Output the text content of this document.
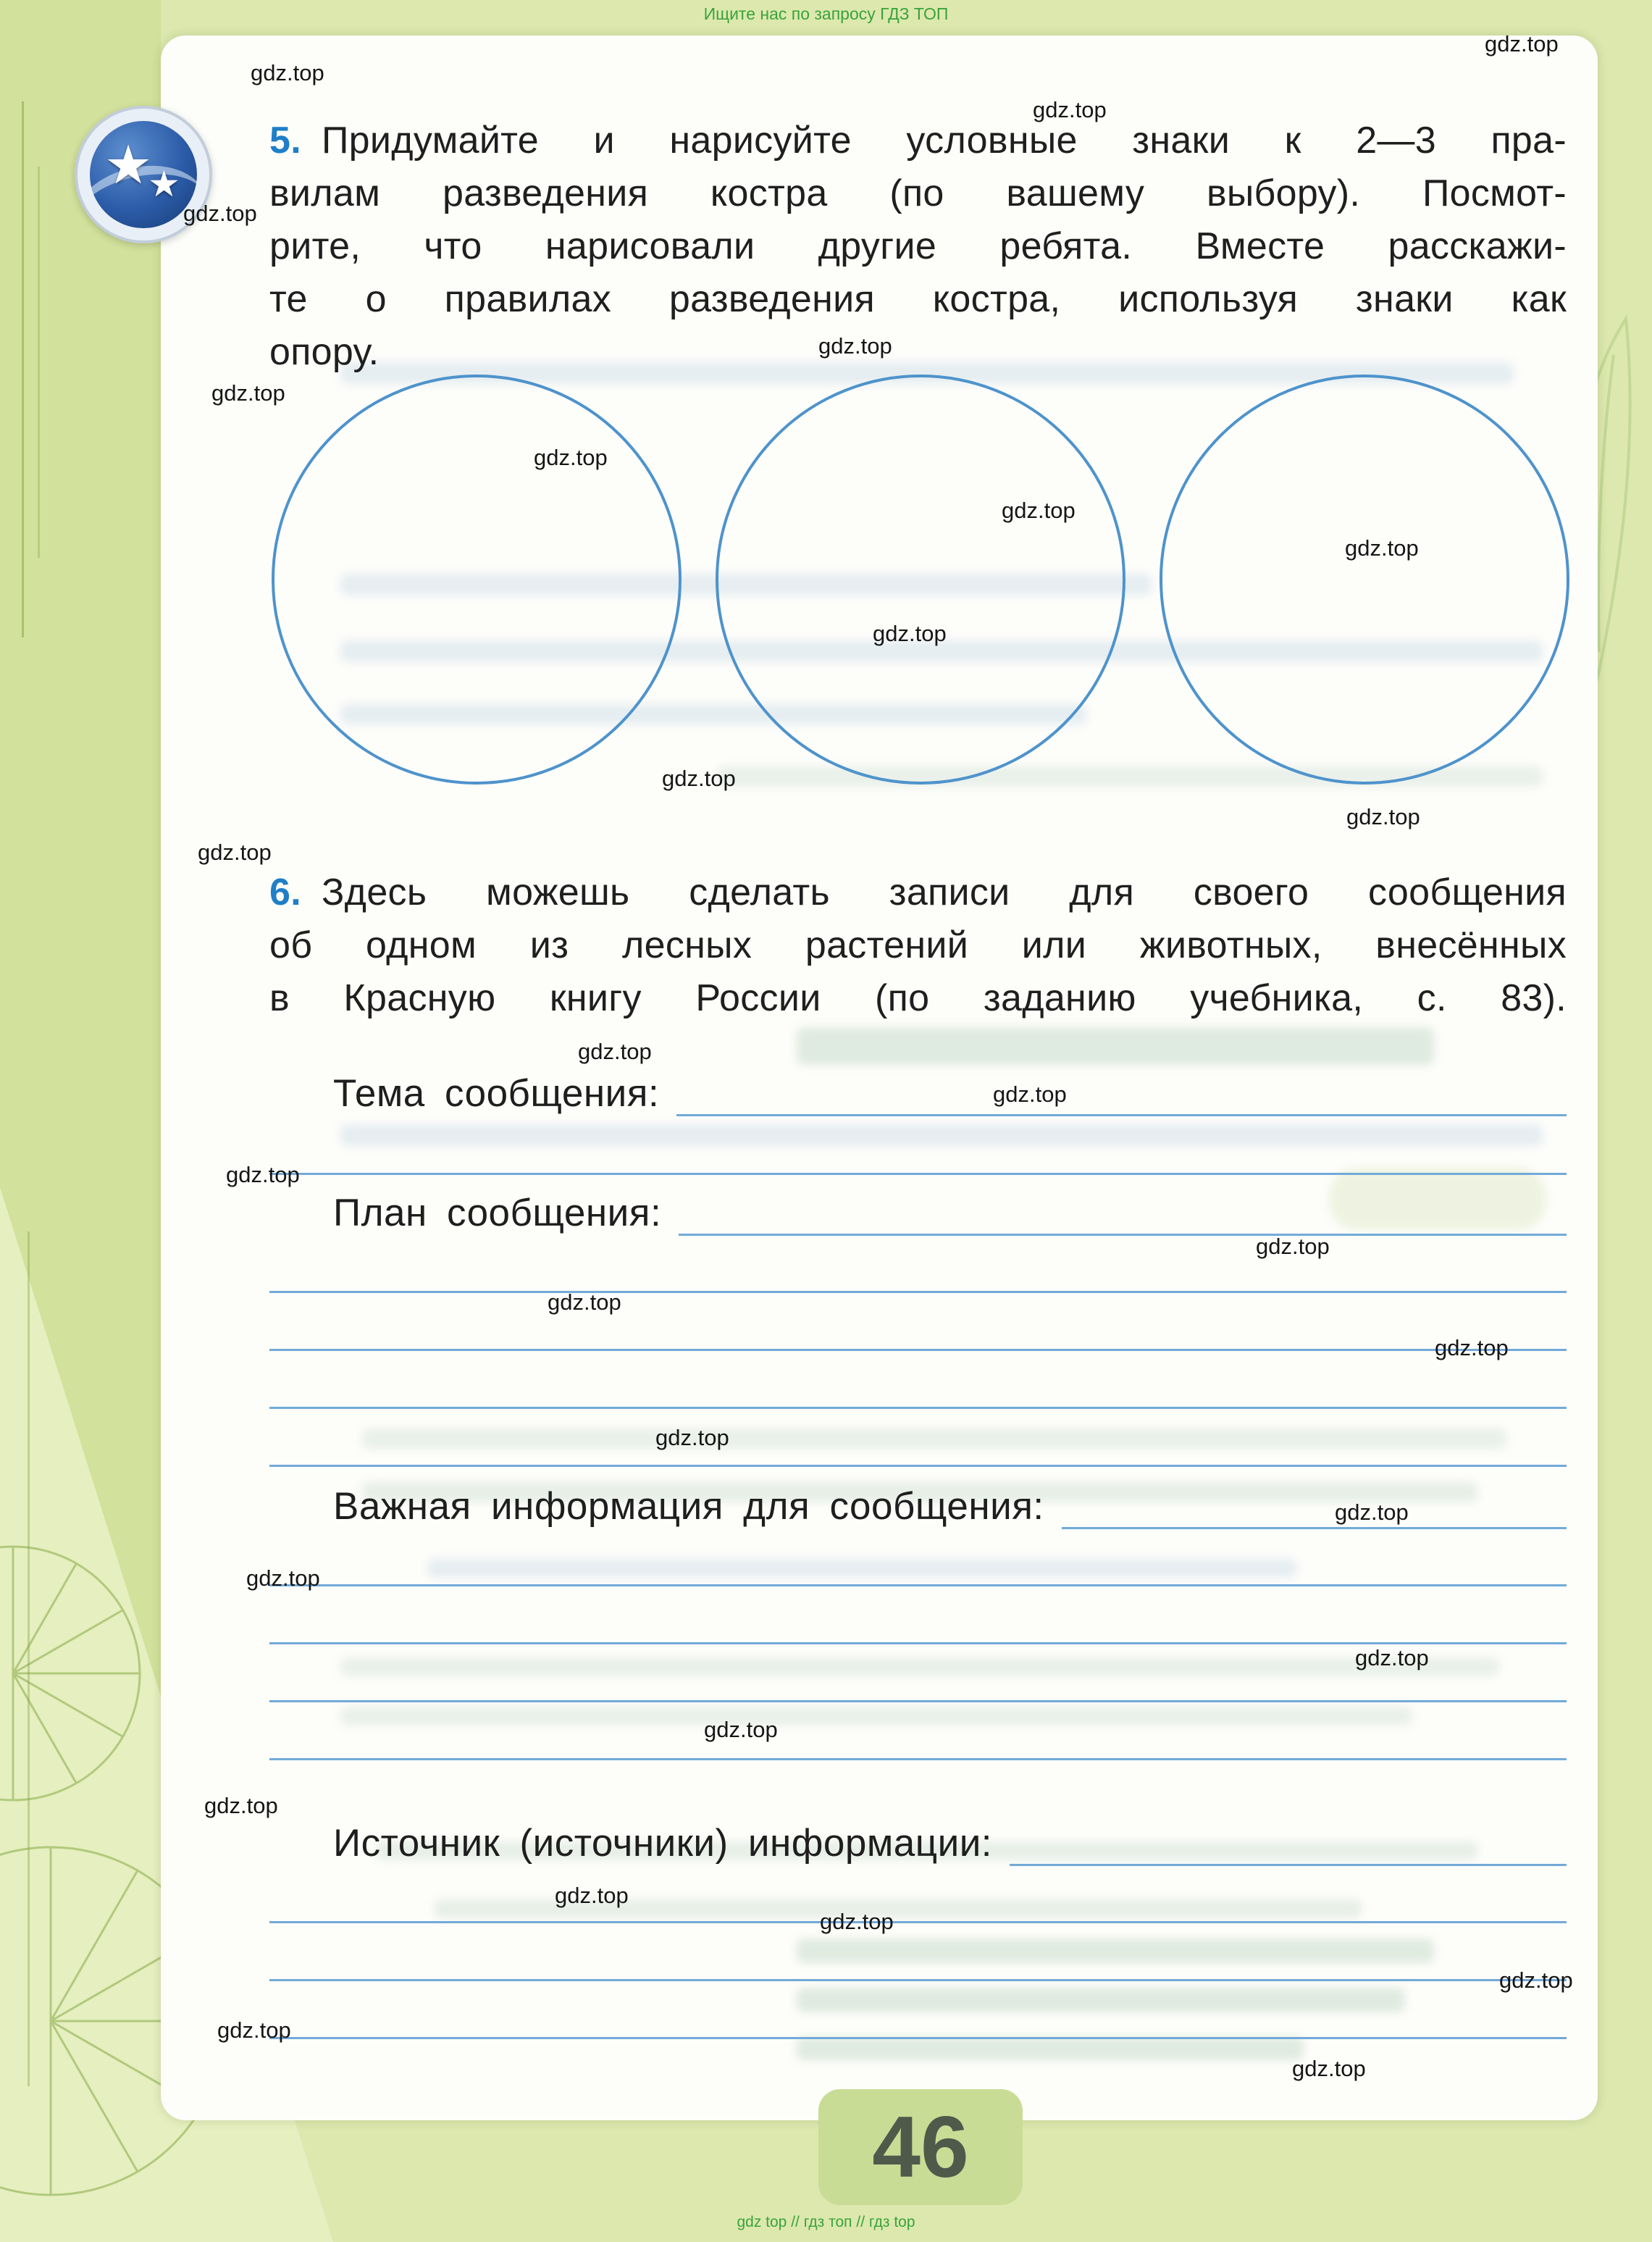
Ищите нас по запросу ГДЗ ТОП
★
★
5. Придумайте и нарисуйте условные знаки к 2—3 пра-
вилам разведения костра (по вашему выбору). Посмот-
рите, что нарисовали другие ребята. Вместе расскажи-
те о правилах разведения костра, используя знаки как
опору.
6. Здесь можешь сделать записи для своего сообщения
об одном из лесных растений или животных, внесённых
в Красную книгу России (по заданию учебника, с. 83).
Тема сообщения:
План сообщения:
Важная информация для сообщения:
Источник (источники) информации:
46
gdz top // гдз топ // гдз top
gdz.top
gdz.top
gdz.top
gdz.top
gdz.top
gdz.top
gdz.top
gdz.top
gdz.top
gdz.top
gdz.top
gdz.top
gdz.top
gdz.top
gdz.top
gdz.top
gdz.top
gdz.top
gdz.top
gdz.top
gdz.top
gdz.top
gdz.top
gdz.top
gdz.top
gdz.top
gdz.top
gdz.top
gdz.top
gdz.top
